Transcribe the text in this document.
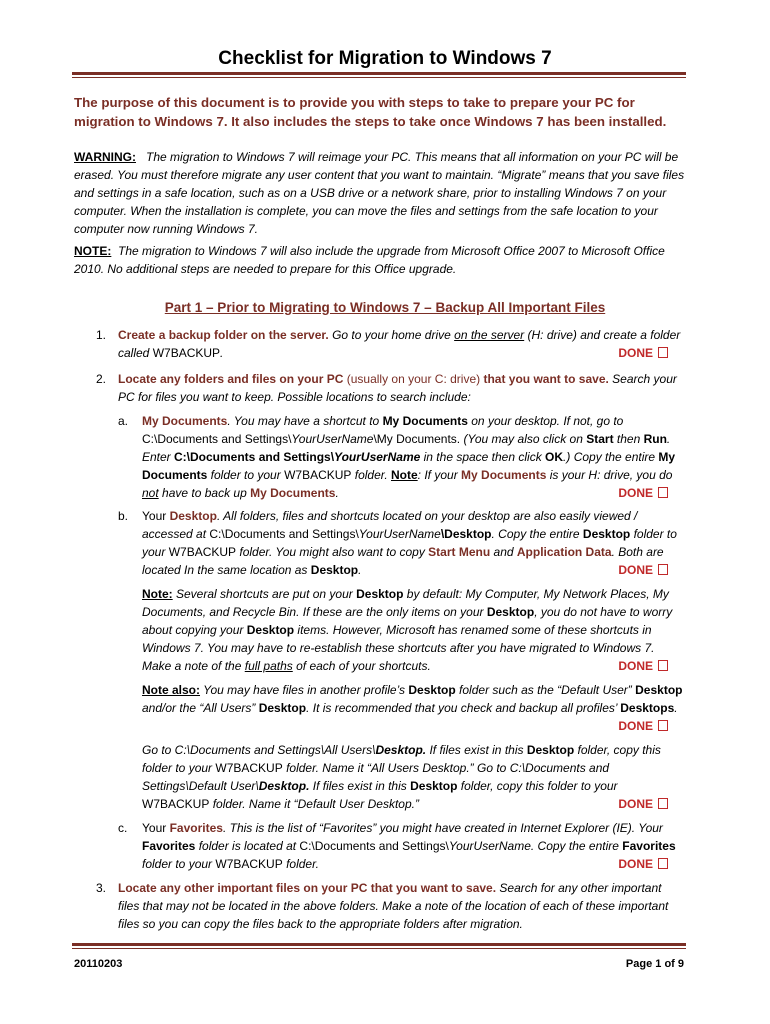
Checklist for Migration to Windows 7
The purpose of this document is to provide you with steps to take to prepare your PC for migration to Windows 7. It also includes the steps to take once Windows 7 has been installed.
WARNING: The migration to Windows 7 will reimage your PC. This means that all information on your PC will be erased. You must therefore migrate any user content that you want to maintain. “Migrate” means that you save files and settings in a safe location, such as on a USB drive or a network share, prior to installing Windows 7 on your computer. When the installation is complete, you can move the files and settings from the safe location to your computer now running Windows 7.
NOTE: The migration to Windows 7 will also include the upgrade from Microsoft Office 2007 to Microsoft Office 2010. No additional steps are needed to prepare for this Office upgrade.
Part 1 – Prior to Migrating to Windows 7 – Backup All Important Files
1. Create a backup folder on the server. Go to your home drive on the server (H: drive) and create a folder called W7BACKUP.	DONE
2. Locate any folders and files on your PC (usually on your C: drive) that you want to save. Search your PC for files you want to keep. Possible locations to search include:
a. My Documents. You may have a shortcut to My Documents on your desktop. If not, go to C:\Documents and Settings\YourUserName\My Documents. (You may also click on Start then Run. Enter C:\Documents and Settings\YourUserName in the space then click OK.) Copy the entire My Documents folder to your W7BACKUP folder. Note: If your My Documents is your H: drive, you do not have to back up My Documents.	DONE
b. Your Desktop. All folders, files and shortcuts located on your desktop are also easily viewed / accessed at C:\Documents and Settings\YourUserName\Desktop. Copy the entire Desktop folder to your W7BACKUP folder. You might also want to copy Start Menu and Application Data. Both are located In the same location as Desktop.	DONE
Note: Several shortcuts are put on your Desktop by default: My Computer, My Network Places, My Documents, and Recycle Bin. If these are the only items on your Desktop, you do not have to worry about copying your Desktop items. However, Microsoft has renamed some of these shortcuts in Windows 7. You may have to re-establish these shortcuts after you have migrated to Windows 7. Make a note of the full paths of each of your shortcuts.	DONE
Note also: You may have files in another profile’s Desktop folder such as the “Default User” Desktop and/or the “All Users” Desktop. It is recommended that you check and backup all profiles’ Desktops.
DONE
Go to C:\Documents and Settings\All Users\Desktop. If files exist in this Desktop folder, copy this folder to your W7BACKUP folder. Name it “All Users Desktop.” Go to C:\Documents and Settings\Default User\Desktop. If files exist in this Desktop folder, copy this folder to your W7BACKUP folder. Name it “Default User Desktop.”	DONE
c. Your Favorites. This is the list of “Favorites” you might have created in Internet Explorer (IE). Your Favorites folder is located at C:\Documents and Settings\YourUserName. Copy the entire Favorites folder to your W7BACKUP folder.	DONE
3. Locate any other important files on your PC that you want to save. Search for any other important files that may not be located in the above folders. Make a note of the location of each of these important files so you can copy the files back to the appropriate folders after migration.
20110203	Page 1 of 9
